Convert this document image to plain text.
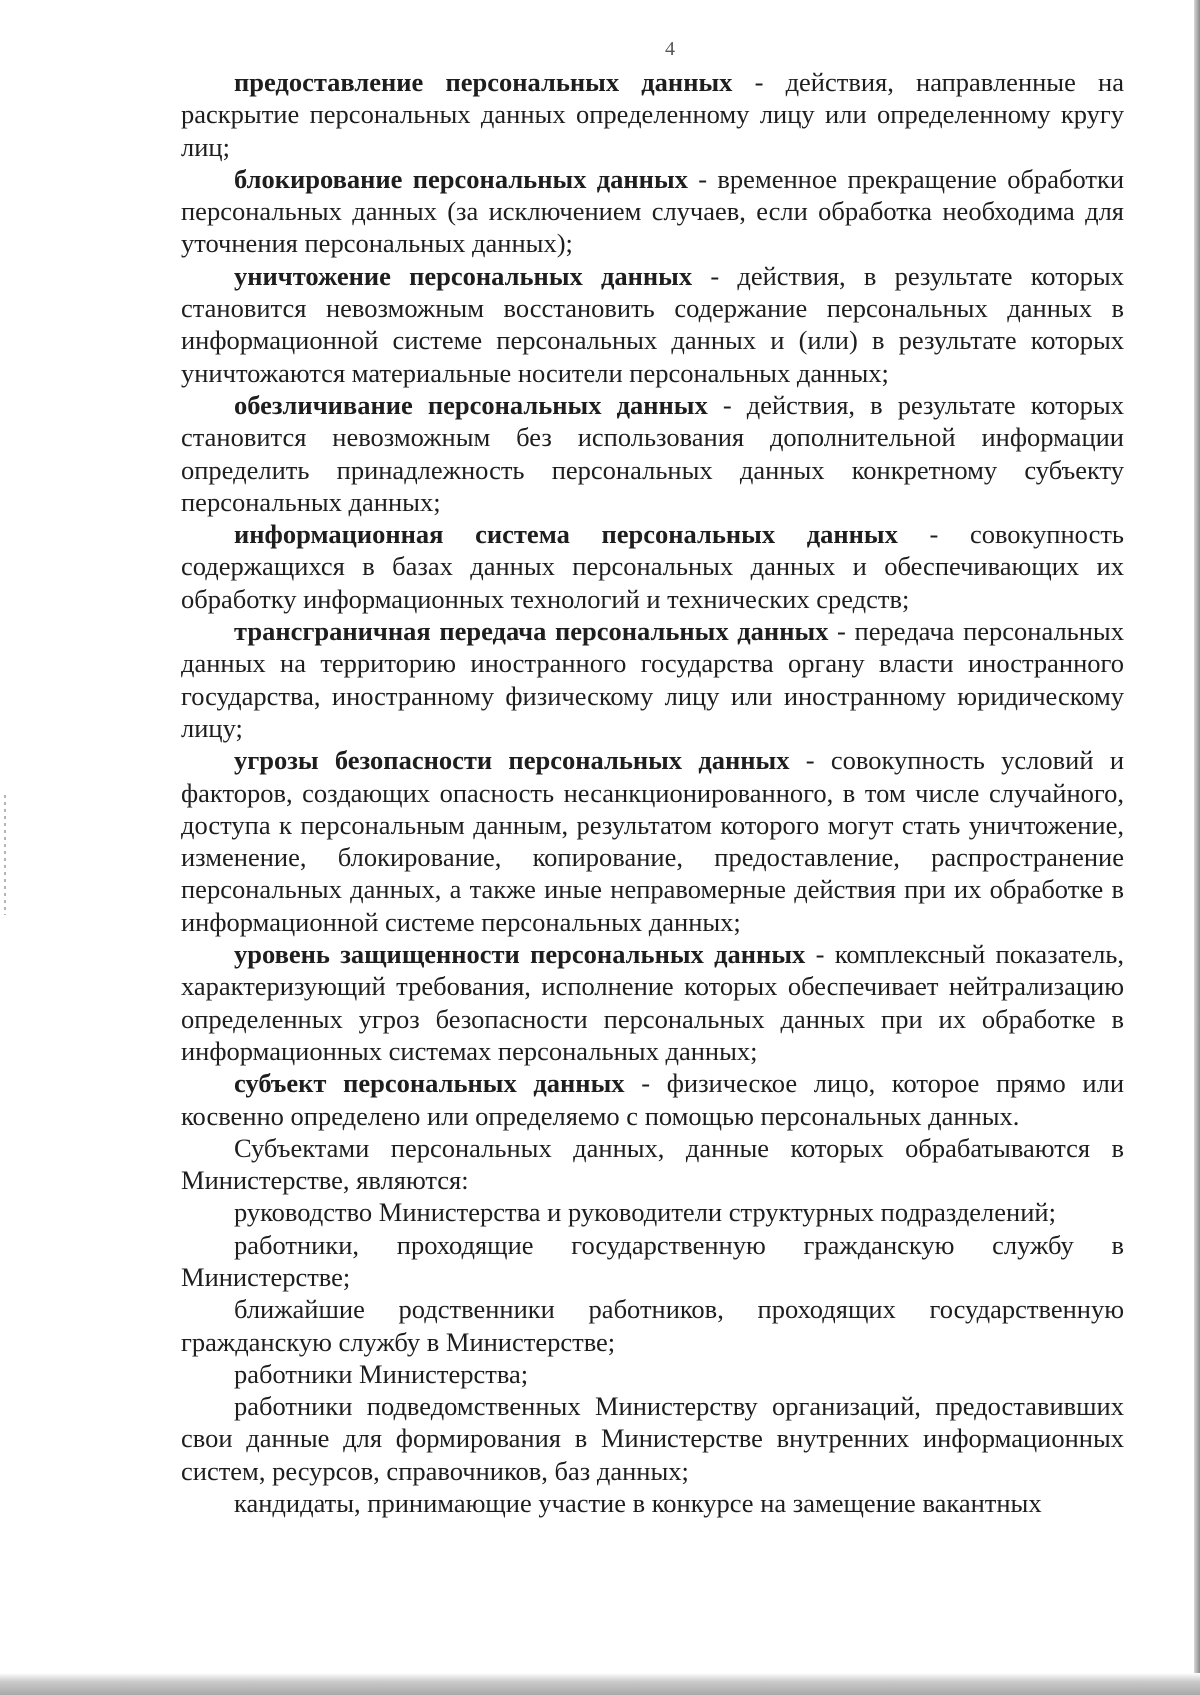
4

предоставление персональных данных - действия, направленные на раскрытие персональных данных определенному лицу или определенному кругу лиц;

блокирование персональных данных - временное прекращение обработки персональных данных (за исключением случаев, если обработка необходима для уточнения персональных данных);

уничтожение персональных данных - действия, в результате которых становится невозможным восстановить содержание персональных данных в информационной системе персональных данных и (или) в результате которых уничтожаются материальные носители персональных данных;

обезличивание персональных данных - действия, в результате которых становится невозможным без использования дополнительной информации определить принадлежность персональных данных конкретному субъекту персональных данных;

информационная система персональных данных - совокупность содержащихся в базах данных персональных данных и обеспечивающих их обработку информационных технологий и технических средств;

трансграничная передача персональных данных - передача персональных данных на территорию иностранного государства органу власти иностранного государства, иностранному физическому лицу или иностранному юридическому лицу;

угрозы безопасности персональных данных - совокупность условий и факторов, создающих опасность несанкционированного, в том числе случайного, доступа к персональным данным, результатом которого могут стать уничтожение, изменение, блокирование, копирование, предоставление, распространение персональных данных, а также иные неправомерные действия при их обработке в информационной системе персональных данных;

уровень защищенности персональных данных - комплексный показатель, характеризующий требования, исполнение которых обеспечивает нейтрализацию определенных угроз безопасности персональных данных при их обработке в информационных системах персональных данных;

субъект персональных данных - физическое лицо, которое прямо или косвенно определено или определяемо с помощью персональных данных.

Субъектами персональных данных, данные которых обрабатываются в Министерстве, являются:

руководство Министерства и руководители структурных подразделений;

работники, проходящие государственную гражданскую службу в Министерстве;

ближайшие родственники работников, проходящих государственную гражданскую службу в Министерстве;

работники Министерства;

работники подведомственных Министерству организаций, предоставивших свои данные для формирования в Министерстве внутренних информационных систем, ресурсов, справочников, баз данных;

кандидаты, принимающие участие в конкурсе на замещение вакантных
